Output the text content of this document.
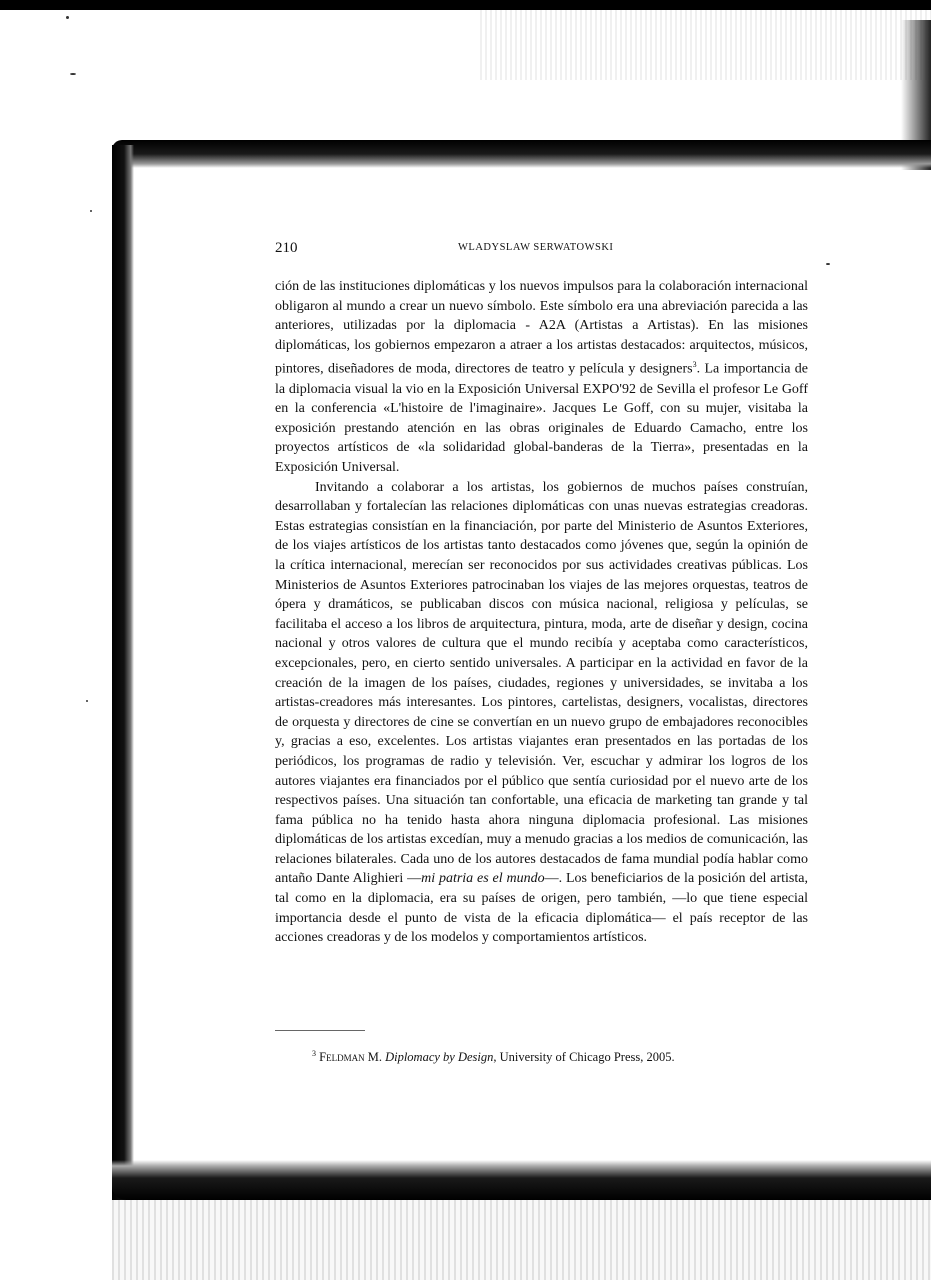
210	WLADYSLAW SERWATOWSKI

ción de las instituciones diplomáticas y los nuevos impulsos para la colaboración internacional obligaron al mundo a crear un nuevo símbolo. Este símbolo era una abreviación parecida a las anteriores, utilizadas por la diplomacia - A2A (Artistas a Artistas). En las misiones diplomáticas, los gobiernos empezaron a atraer a los artistas destacados: arquitectos, músicos, pintores, diseñadores de moda, directores de teatro y película y designers$^3$. La importancia de la diplomacia visual la vio en la Exposición Universal EXPO'92 de Sevilla el profesor Le Goff en la conferencia «L'histoire de l'imaginaire». Jacques Le Goff, con su mujer, visitaba la exposición prestando atención en las obras originales de Eduardo Camacho, entre los proyectos artísticos de «la solidaridad global-banderas de la Tierra», presentadas en la Exposición Universal.

Invitando a colaborar a los artistas, los gobiernos de muchos países construían, desarrollaban y fortalecían las relaciones diplomáticas con unas nuevas estrategias creadoras. Estas estrategias consistían en la financiación, por parte del Ministerio de Asuntos Exteriores, de los viajes artísticos de los artistas tanto destacados como jóvenes que, según la opinión de la crítica internacional, merecían ser reconocidos por sus actividades creativas públicas. Los Ministerios de Asuntos Exteriores patrocinaban los viajes de las mejores orquestas, teatros de ópera y dramáticos, se publicaban discos con música nacional, religiosa y películas, se facilitaba el acceso a los libros de arquitectura, pintura, moda, arte de diseñar y design, cocina nacional y otros valores de cultura que el mundo recibía y aceptaba como característicos, excepcionales, pero, en cierto sentido universales. A participar en la actividad en favor de la creación de la imagen de los países, ciudades, regiones y universidades, se invitaba a los artistas-creadores más interesantes. Los pintores, cartelistas, designers, vocalistas, directores de orquesta y directores de cine se convertían en un nuevo grupo de embajadores reconocibles y, gracias a eso, excelentes. Los artistas viajantes eran presentados en las portadas de los periódicos, los programas de radio y televisión. Ver, escuchar y admirar los logros de los autores viajantes era financiados por el público que sentía curiosidad por el nuevo arte de los respectivos países. Una situación tan confortable, una eficacia de marketing tan grande y tal fama pública no ha tenido hasta ahora ninguna diplomacia profesional. Las misiones diplomáticas de los artistas excedían, muy a menudo gracias a los medios de comunicación, las relaciones bilaterales. Cada uno de los autores destacados de fama mundial podía hablar como antaño Dante Alighieri —mi patria es el mundo—. Los beneficiarios de la posición del artista, tal como en la diplomacia, era su países de origen, pero también, —lo que tiene especial importancia desde el punto de vista de la eficacia diplomática— el país receptor de las acciones creadoras y de los modelos y comportamientos artísticos.

$^3$ Feldman M. Diplomacy by Design, University of Chicago Press, 2005.
